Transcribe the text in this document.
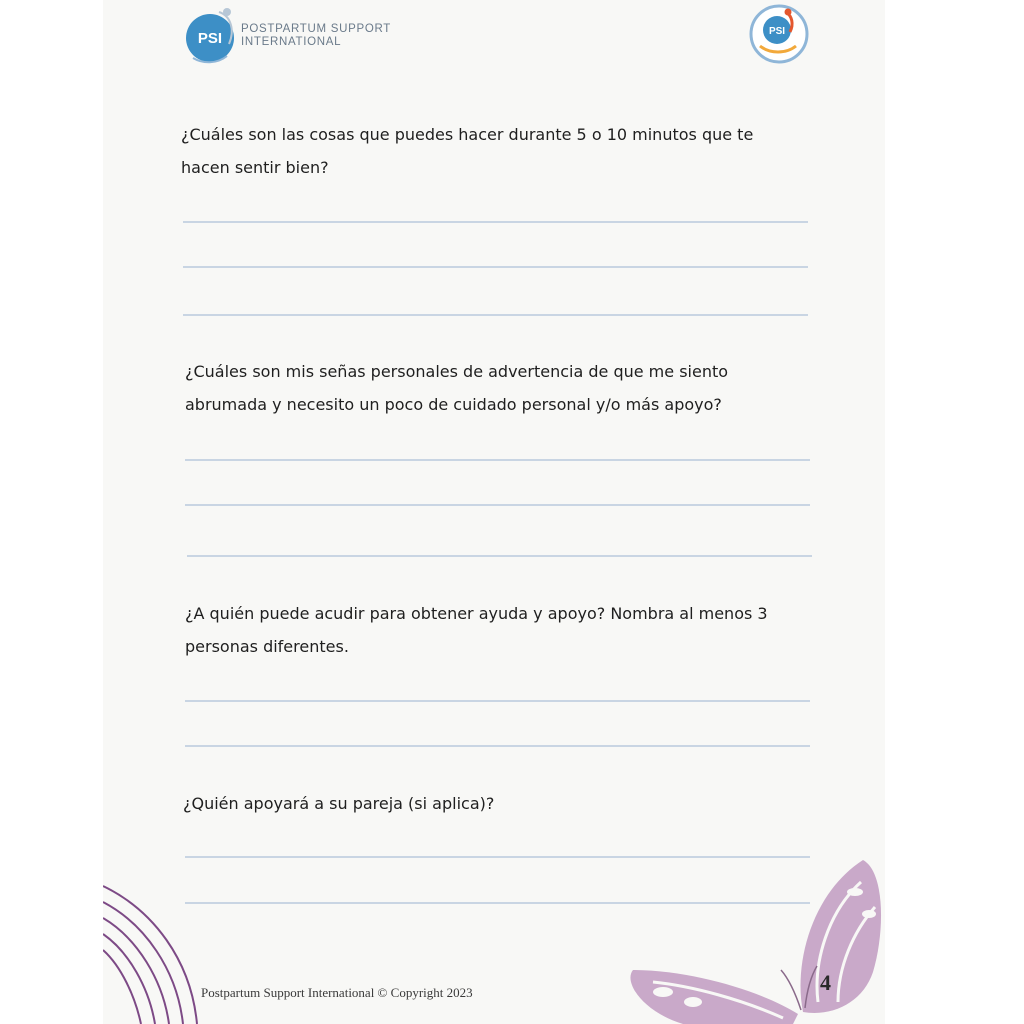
PSI
POSTPARTUM SUPPORT
INTERNATIONAL
PSI
¿Cuáles son las cosas que puedes hacer durante 5 o 10 minutos que te hacen sentir bien?
¿Cuáles son mis señas personales de advertencia de que me siento abrumada y necesito un poco de cuidado personal y/o más apoyo?
¿A quién puede acudir para obtener ayuda y apoyo? Nombra al menos 3 personas diferentes.
¿Quién apoyará a su pareja (si aplica)?
Postpartum Support International © Copyright 2023	4
